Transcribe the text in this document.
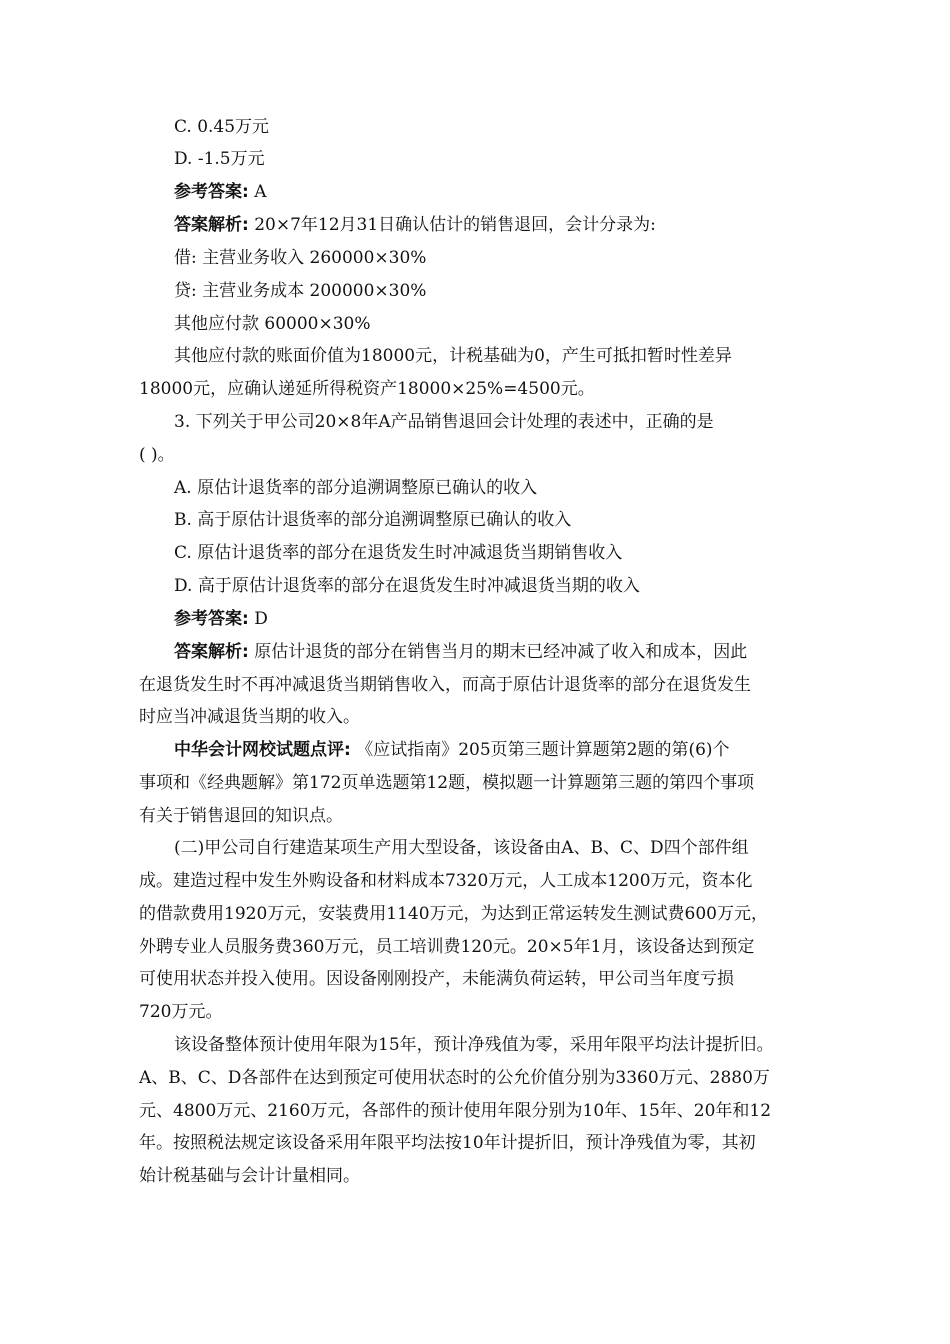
C. 0.45万元
D. -1.5万元
参考答案: A
答案解析: 20×7年12月31日确认估计的销售退回，会计分录为:
借: 主营业务收入 260000×30%
贷: 主营业务成本 200000×30%
其他应付款 60000×30%
其他应付款的账面价值为18000元，计税基础为0，产生可抵扣暂时性差异
18000元，应确认递延所得税资产18000×25%=4500元。
3. 下列关于甲公司20×8年A产品销售退回会计处理的表述中，正确的是
( )。
A. 原估计退货率的部分追溯调整原已确认的收入
B. 高于原估计退货率的部分追溯调整原已确认的收入
C. 原估计退货率的部分在退货发生时冲减退货当期销售收入
D. 高于原估计退货率的部分在退货发生时冲减退货当期的收入
参考答案: D
答案解析: 原估计退货的部分在销售当月的期末已经冲减了收入和成本，因此
在退货发生时不再冲减退货当期销售收入，而高于原估计退货率的部分在退货发生
时应当冲减退货当期的收入。
中华会计网校试题点评: 《应试指南》205页第三题计算题第2题的第(6)个
事项和《经典题解》第172页单选题第12题，模拟题一计算题第三题的第四个事项
有关于销售退回的知识点。
(二)甲公司自行建造某项生产用大型设备，该设备由A、B、C、D四个部件组
成。建造过程中发生外购设备和材料成本7320万元，人工成本1200万元，资本化
的借款费用1920万元，安装费用1140万元，为达到正常运转发生测试费600万元，
外聘专业人员服务费360万元，员工培训费120元。20×5年1月，该设备达到预定
可使用状态并投入使用。因设备刚刚投产，未能满负荷运转，甲公司当年度亏损
720万元。
该设备整体预计使用年限为15年，预计净残值为零，采用年限平均法计提折旧。
A、B、C、D各部件在达到预定可使用状态时的公允价值分别为3360万元、2880万
元、4800万元、2160万元，各部件的预计使用年限分别为10年、15年、20年和12
年。按照税法规定该设备采用年限平均法按10年计提折旧，预计净残值为零，其初
始计税基础与会计计量相同。
